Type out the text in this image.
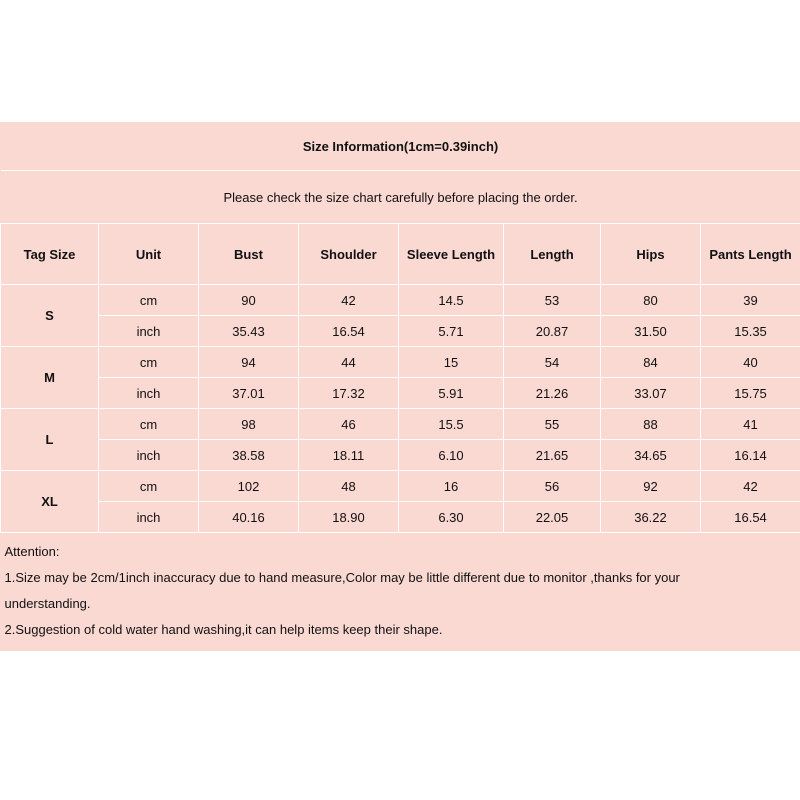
Size Information(1cm=0.39inch)							
Please check the size chart carefully before placing the order.							
Tag Size	Unit	Bust	Shoulder	Sleeve Length	Length	Hips	Pants Length
S	cm	90	42	14.5	53	80	39
	inch	35.43	16.54	5.71	20.87	31.50	15.35
M	cm	94	44	15	54	84	40
	inch	37.01	17.32	5.91	21.26	33.07	15.75
L	cm	98	46	15.5	55	88	41
	inch	38.58	18.11	6.10	21.65	34.65	16.14
XL	cm	102	48	16	56	92	42
	inch	40.16	18.90	6.30	22.05	36.22	16.54

Attention:
1.Size may be 2cm/1inch inaccuracy due to hand measure,Color may be little different due to monitor ,thanks for your
understanding.
2.Suggestion of cold water hand washing,it can help items keep their shape.							
